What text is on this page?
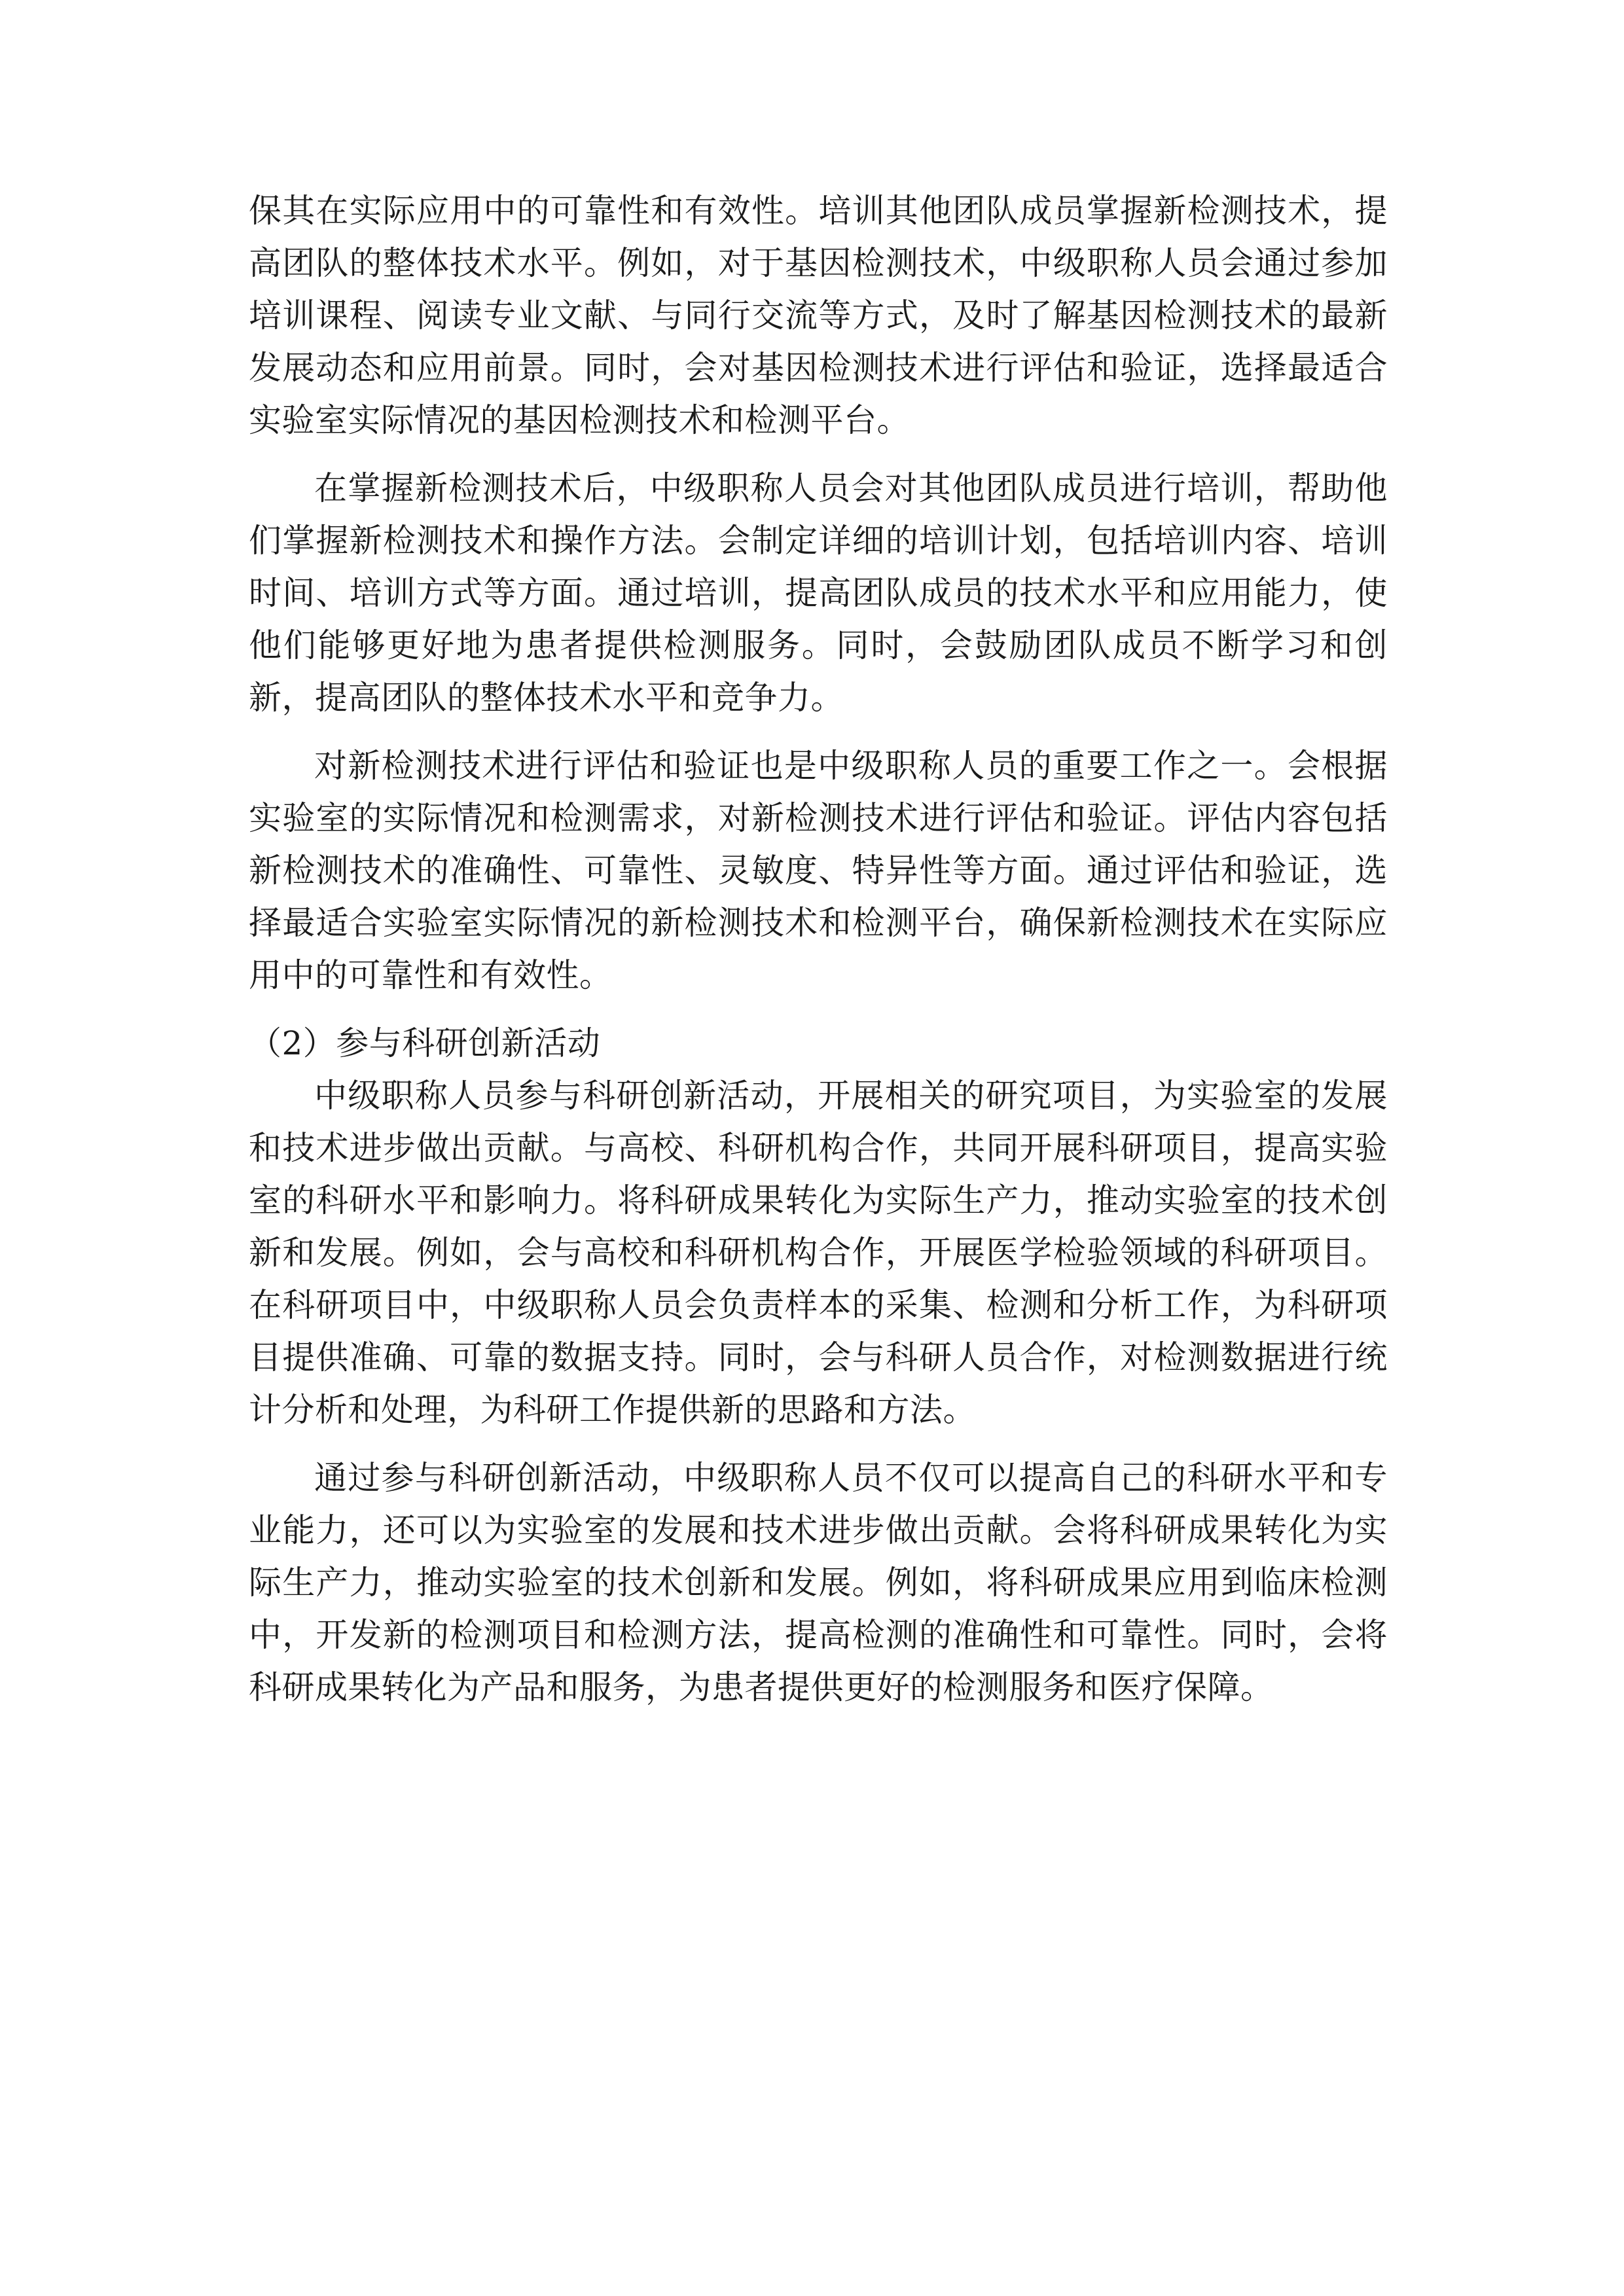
保其在实际应用中的可靠性和有效性。培训其他团队成员掌握新检测技术，提高团队的整体技术水平。例如，对于基因检测技术，中级职称人员会通过参加培训课程、阅读专业文献、与同行交流等方式，及时了解基因检测技术的最新发展动态和应用前景。同时，会对基因检测技术进行评估和验证，选择最适合实验室实际情况的基因检测技术和检测平台。

在掌握新检测技术后，中级职称人员会对其他团队成员进行培训，帮助他们掌握新检测技术和操作方法。会制定详细的培训计划，包括培训内容、培训时间、培训方式等方面。通过培训，提高团队成员的技术水平和应用能力，使他们能够更好地为患者提供检测服务。同时，会鼓励团队成员不断学习和创新，提高团队的整体技术水平和竞争力。

对新检测技术进行评估和验证也是中级职称人员的重要工作之一。会根据实验室的实际情况和检测需求，对新检测技术进行评估和验证。评估内容包括新检测技术的准确性、可靠性、灵敏度、特异性等方面。通过评估和验证，选择最适合实验室实际情况的新检测技术和检测平台，确保新检测技术在实际应用中的可靠性和有效性。

（2）参与科研创新活动

中级职称人员参与科研创新活动，开展相关的研究项目，为实验室的发展和技术进步做出贡献。与高校、科研机构合作，共同开展科研项目，提高实验室的科研水平和影响力。将科研成果转化为实际生产力，推动实验室的技术创新和发展。例如，会与高校和科研机构合作，开展医学检验领域的科研项目。在科研项目中，中级职称人员会负责样本的采集、检测和分析工作，为科研项目提供准确、可靠的数据支持。同时，会与科研人员合作，对检测数据进行统计分析和处理，为科研工作提供新的思路和方法。

通过参与科研创新活动，中级职称人员不仅可以提高自己的科研水平和专业能力，还可以为实验室的发展和技术进步做出贡献。会将科研成果转化为实际生产力，推动实验室的技术创新和发展。例如，将科研成果应用到临床检测中，开发新的检测项目和检测方法，提高检测的准确性和可靠性。同时，会将科研成果转化为产品和服务，为患者提供更好的检测服务和医疗保障。
